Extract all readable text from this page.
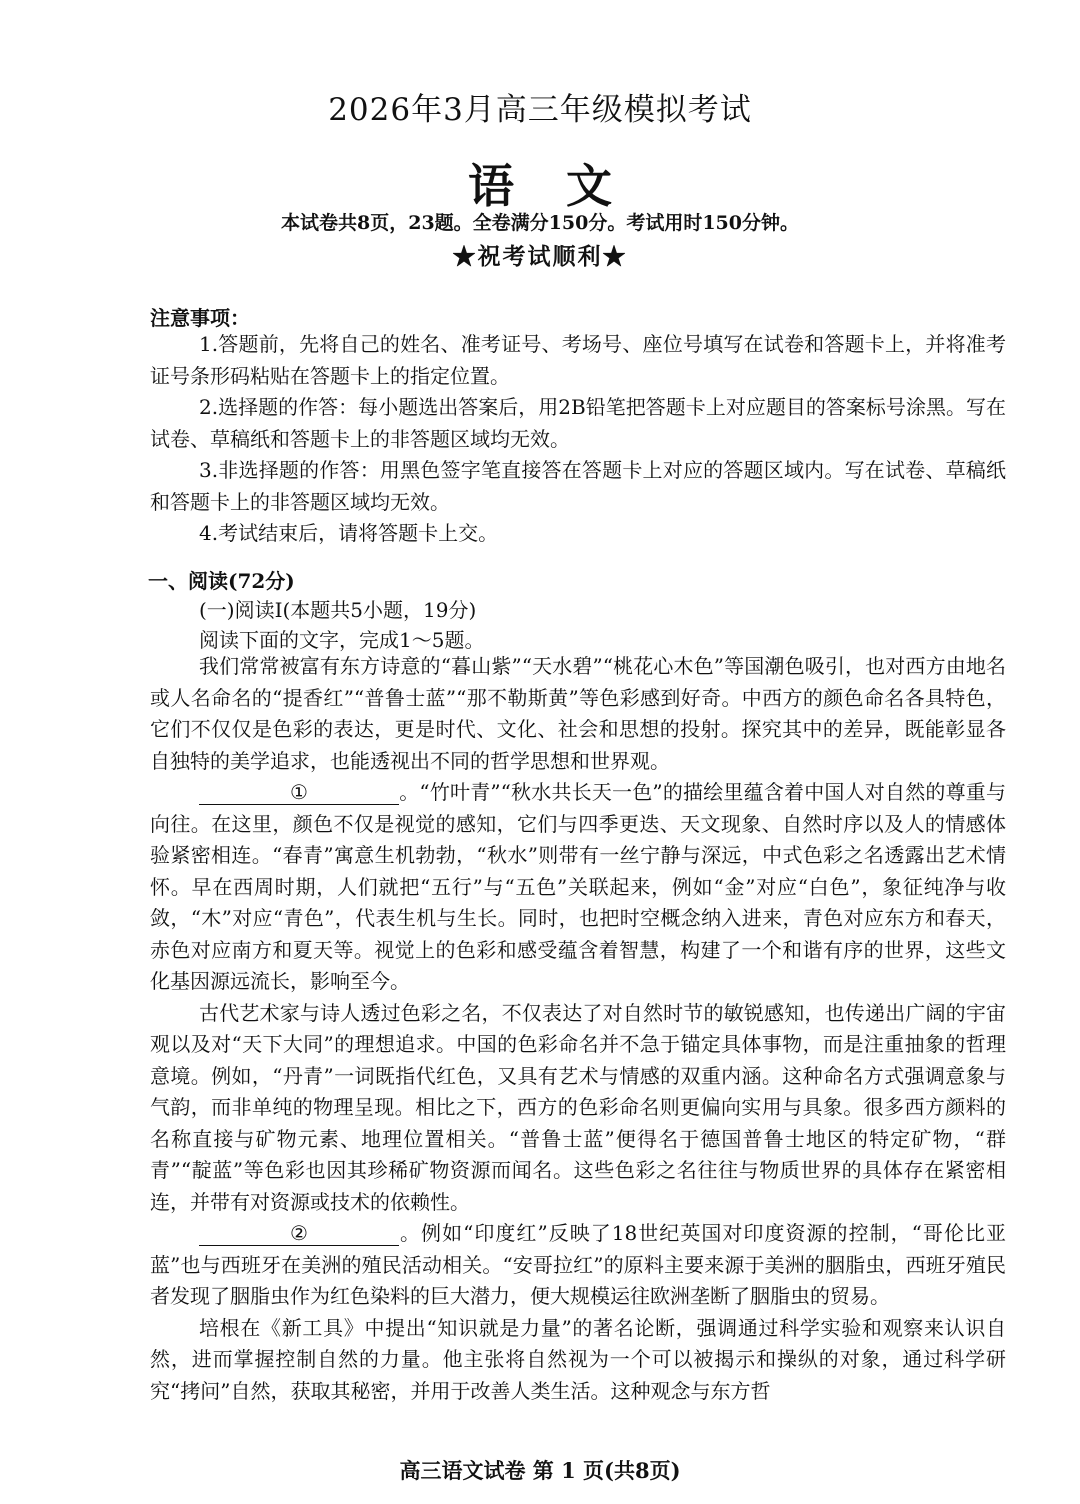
2026年3月高三年级模拟考试
语文
本试卷共8页，23题。全卷满分150分。考试用时150分钟。
★祝考试顺利★
注意事项：

1.答题前，先将自己的姓名、准考证号、考场号、座位号填写在试卷和答题卡上，并将准考证号条形码粘贴在答题卡上的指定位置。

2.选择题的作答：每小题选出答案后，用2B铅笔把答题卡上对应题目的答案标号涂黑。写在试卷、草稿纸和答题卡上的非答题区域均无效。

3.非选择题的作答：用黑色签字笔直接答在答题卡上对应的答题区域内。写在试卷、草稿纸和答题卡上的非答题区域均无效。

4.考试结束后，请将答题卡上交。

一、阅读(72分)
(一)阅读Ⅰ(本题共5小题，19分)
阅读下面的文字，完成1～5题。

我们常常被富有东方诗意的“暮山紫”“天水碧”“桃花心木色”等国潮色吸引，也对西方由地名或人名命名的“提香红”“普鲁士蓝”“那不勒斯黄”等色彩感到好奇。中西方的颜色命名各具特色，它们不仅仅是色彩的表达，更是时代、文化、社会和思想的投射。探究其中的差异，既能彰显各自独特的美学追求，也能透视出不同的哲学思想和世界观。

①	。“竹叶青”“秋水共长天一色”的描绘里蕴含着中国人对自然的尊重与向往。在这里，颜色不仅是视觉的感知，它们与四季更迭、天文现象、自然时序以及人的情感体验紧密相连。“春青”寓意生机勃勃，“秋水”则带有一丝宁静与深远，中式色彩之名透露出艺术情怀。早在西周时期，人们就把“五行”与“五色”关联起来，例如“金”对应“白色”，象征纯净与收敛，“木”对应“青色”，代表生机与生长。同时，也把时空概念纳入进来，青色对应东方和春天，赤色对应南方和夏天等。视觉上的色彩和感受蕴含着智慧，构建了一个和谐有序的世界，这些文化基因源远流长，影响至今。

古代艺术家与诗人透过色彩之名，不仅表达了对自然时节的敏锐感知，也传递出广阔的宇宙观以及对“天下大同”的理想追求。中国的色彩命名并不急于锚定具体事物，而是注重抽象的哲理意境。例如，“丹青”一词既指代红色，又具有艺术与情感的双重内涵。这种命名方式强调意象与气韵，而非单纯的物理呈现。相比之下，西方的色彩命名则更偏向实用与具象。很多西方颜料的名称直接与矿物元素、地理位置相关。“普鲁士蓝”便得名于德国普鲁士地区的特定矿物，“群青”“靛蓝”等色彩也因其珍稀矿物资源而闻名。这些色彩之名往往与物质世界的具体存在紧密相连，并带有对资源或技术的依赖性。

②	。例如“印度红”反映了18世纪英国对印度资源的控制，“哥伦比亚蓝”也与西班牙在美洲的殖民活动相关。“安哥拉红”的原料主要来源于美洲的胭脂虫，西班牙殖民者发现了胭脂虫作为红色染料的巨大潜力，便大规模运往欧洲垄断了胭脂虫的贸易。

培根在《新工具》中提出“知识就是力量”的著名论断，强调通过科学实验和观察来认识自然，进而掌握控制自然的力量。他主张将自然视为一个可以被揭示和操纵的对象，通过科学研究“拷问”自然，获取其秘密，并用于改善人类生活。这种观念与东方哲

高三语文试卷 第 1 页(共8页)
